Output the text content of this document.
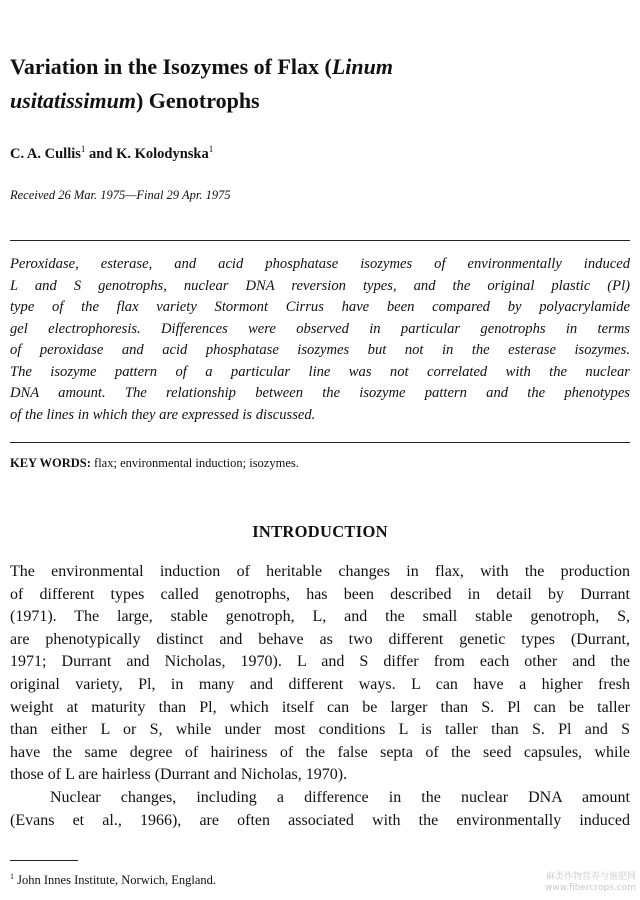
Variation in the Isozymes of Flax (Linum
usitatissimum) Genotrophs
C. A. Cullis$^1$ and K. Kolodynska$^1$
Received 26 Mar. 1975—Final 29 Apr. 1975
Peroxidase, esterase, and acid phosphatase isozymes of environmentally induced
L and S genotrophs, nuclear DNA reversion types, and the original plastic (Pl)
type of the flax variety Stormont Cirrus have been compared by polyacrylamide
gel electrophoresis. Differences were observed in particular genotrophs in terms
of peroxidase and acid phosphatase isozymes but not in the esterase isozymes.
The isozyme pattern of a particular line was not correlated with the nuclear
DNA amount. The relationship between the isozyme pattern and the phenotypes
of the lines in which they are expressed is discussed.
KEY WORDS: flax; environmental induction; isozymes.
INTRODUCTION
The environmental induction of heritable changes in flax, with the production
of different types called genotrophs, has been described in detail by Durrant
(1971). The large, stable genotroph, L, and the small stable genotroph, S,
are phenotypically distinct and behave as two different genetic types (Durrant,
1971; Durrant and Nicholas, 1970). L and S differ from each other and the
original variety, Pl, in many and different ways. L can have a higher fresh
weight at maturity than Pl, which itself can be larger than S. Pl can be taller
than either L or S, while under most conditions L is taller than S. Pl and S
have the same degree of hairiness of the false septa of the seed capsules, while
those of L are hairless (Durrant and Nicholas, 1970).
Nuclear changes, including a difference in the nuclear DNA amount
(Evans et al., 1966), are often associated with the environmentally induced
$^1$ John Innes Institute, Norwich, England.	麻类作物营养与施肥网
www.fibercrops.com
